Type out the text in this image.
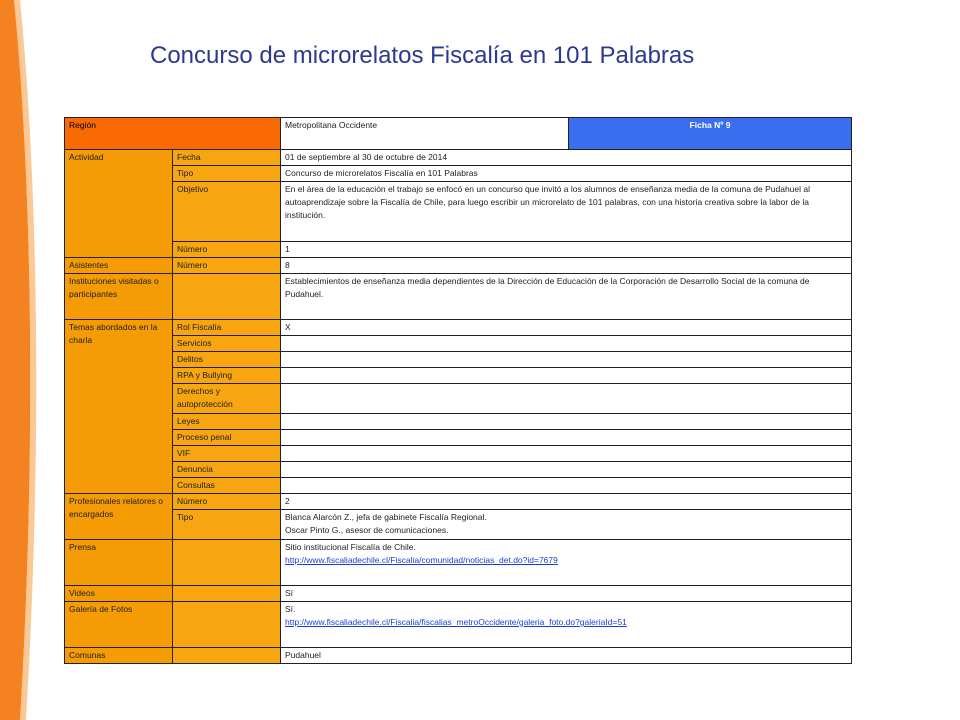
Concurso de microrelatos Fiscalía en 101 Palabras
Región		Metropolitana Occidente	Ficha Nº 9
Actividad	Fecha	01 de septiembre al 30 de octubre de 2014	
	Tipo	Concurso de microrelatos Fiscalía en 101 Palabras	
	Objetivo	En el área de la educación el trabajo se enfocó en un concurso que invitó a los alumnos de enseñanza media de la comuna de Pudahuel al autoaprendizaje sobre la Fiscalía de Chile, para luego escribir un microrelato de 101 palabras, con una historia creativa sobre la labor de la institución.	
	Número	1	
Asistentes	Número	8	
Instituciones visitadas o participantes		Establecimientos de enseñanza media dependientes de la Dirección de Educación de la Corporación de Desarrollo Social de la comuna de Pudahuel.	
Temas abordados en la charla	Rol Fiscalía	X	
	Servicios		
	Delitos		
	RPA y Bullying		
	Derechos y autoprotección		
	Leyes		
	Proceso penal		
	VIF		
	Denuncia		
	Consultas		
Profesionales relatores o encargados	Número	2	
	Tipo	Blanca Alarcón Z., jefa de gabinete Fiscalía Regional.
Oscar Pinto G., asesor de comunicaciones.	

Prensa		Sitio institucional Fiscalía de Chile.
http://www.fiscaliadechile.cl/Fiscalia/comunidad/noticias_det.do?id=7679	
Videos		Sí	
Galería de Fotos		Sí.
http://www.fiscaliadechile.cl/Fiscalia/fiscalias_metroOccidente/galeria_foto.do?galeriaId=51	
Comunas		Pudahuel	
